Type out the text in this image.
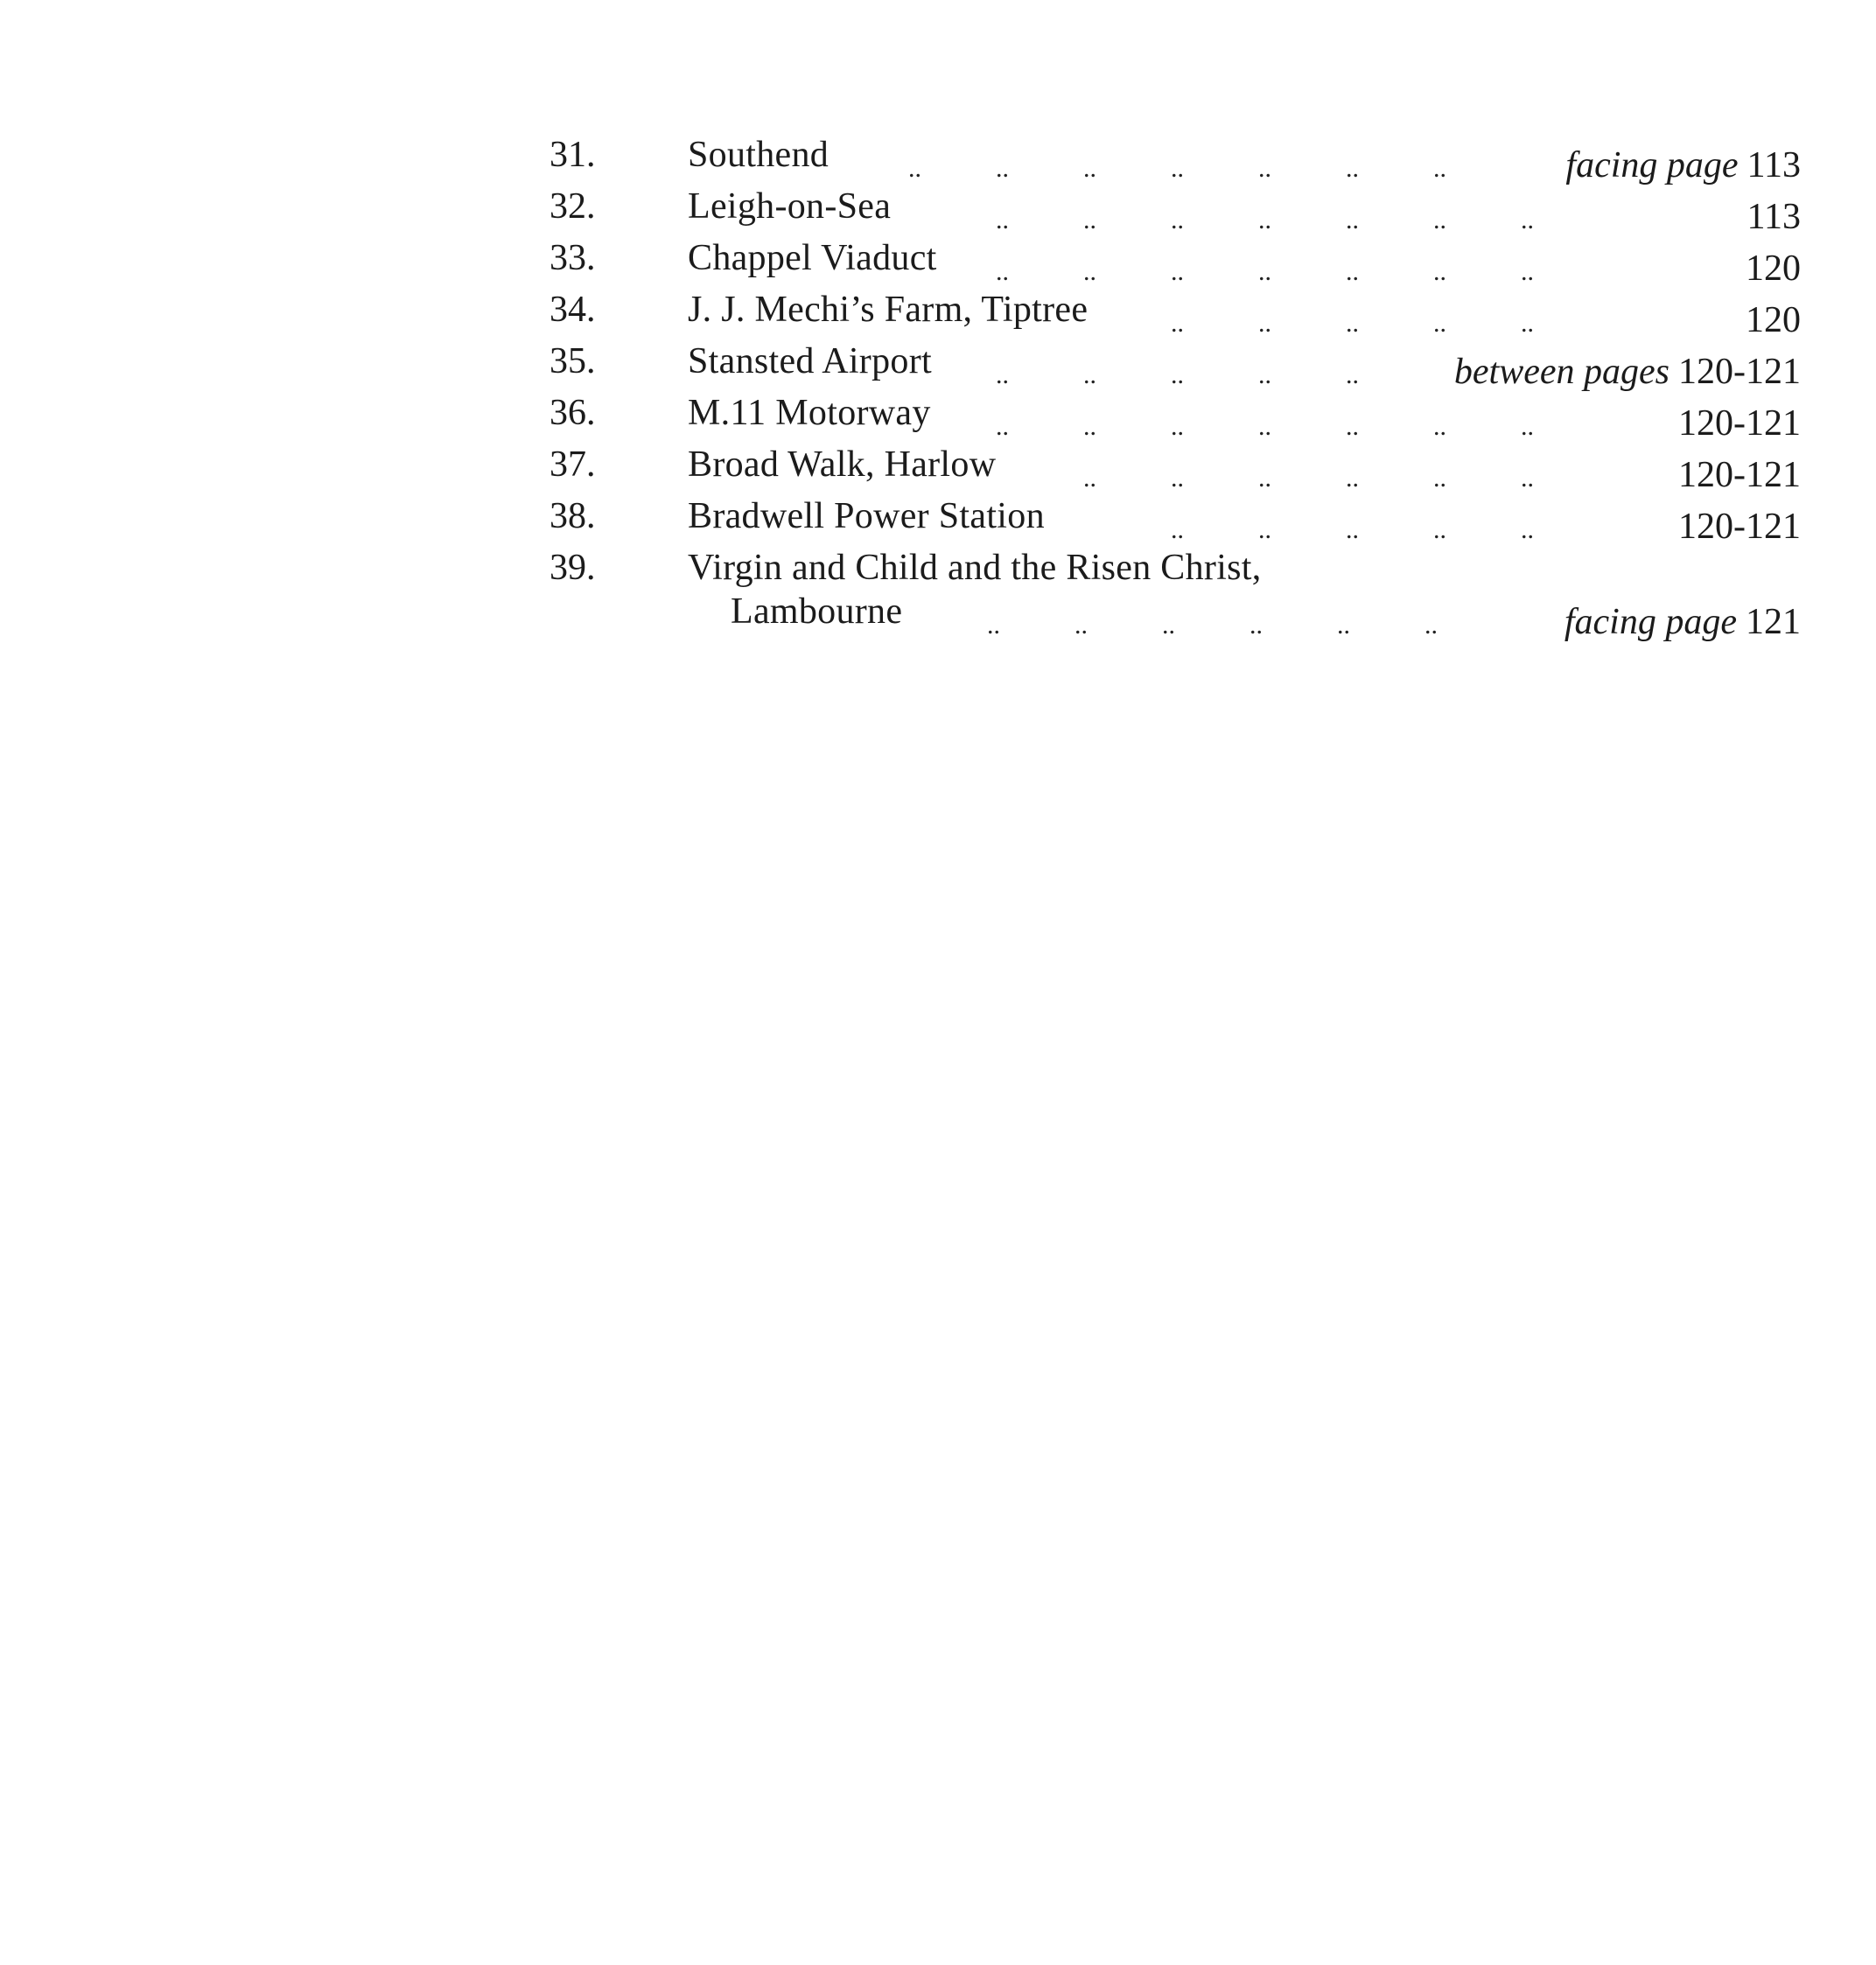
31.	Southend	..	..	..	..	..	..	..	facing page 113
32.	Leigh-on-Sea	..	..	..	..	..	..	..	113
33.	Chappel Viaduct ..	..	..	..	..	..	..	120
34.	J. J. Mechi’s Farm, Tiptree	..	..	..	..	..	120
35.	Stansted Airport ..	..	..	..	..	between pages 120-121
36.	M.11 Motorway ..	..	..	..	..	..	..	120-121
37.	Broad Walk, Harlow	..	..	..	..	..	..	120-121
38.	Bradwell Power Station	..	..	..	..	..	120-121
39.	Virgin and Child and the Risen Christ,
Lambourne	..	..	..	..	..	..	facing page 121
